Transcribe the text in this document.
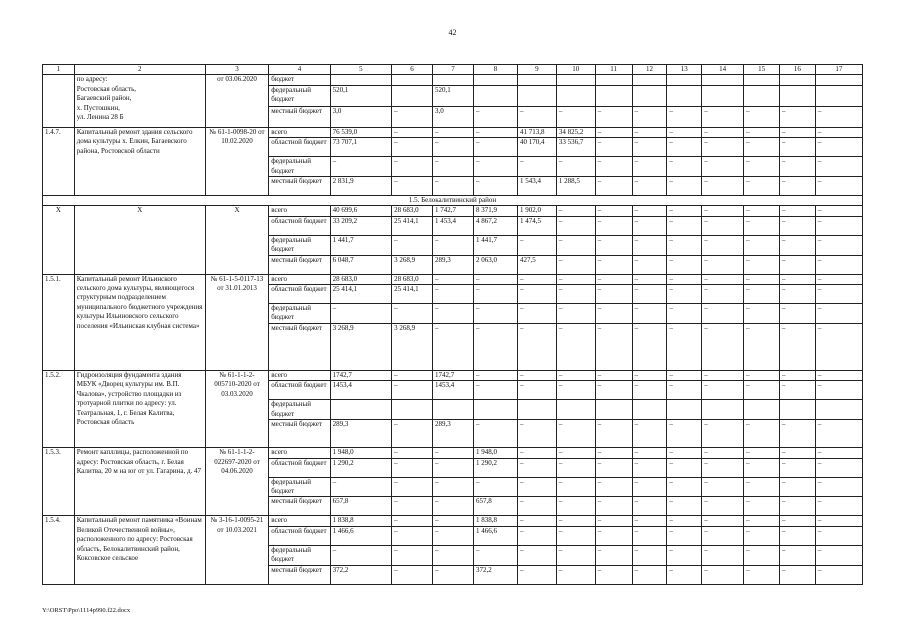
42
1	2	3	4	5	6	7	8	9	10	11	12	13	14	15	16	17
	по адресу:
Ростовская область,
Багаевский район,
х. Пустошкин,
ул. Ленина 28 Б	от 03.06.2020	бюджет													
			федеральный бюджет	520,1		520,1										
			местный бюджет	3,0	–	3,0	–	–	–	–	–	–	–	–	–	–
1.4.7.	Капитальный ремонт здания сельского дома культуры х. Елкин, Багаевского района, Ростовской области	№ 61-1-0098-20 от 10.02.2020	всего	76 539,0	–	–	–	41 713,8	34 825,2	–	–	–	–	–	–	–
			областной бюджет	73 707,1	–	–	–	40 170,4	33 536,7	–	–	–	–	–	–	–
			федеральный бюджет	–	–	–	–	–	–	–	–	–	–	–	–	–
			местный бюджет	2 831,9	–	–	–	1 543,4	1 288,5	–	–	–	–	–	–	–
1.5. Белокалитвинский район																
X	X	X	всего	40 699,6	28 683,0	1 742,7	8 371,9	1 902,0	–	–	–	–	–	–	–	–
			областной бюджет	33 209,2	25 414,1	1 453,4	4 867,2	1 474,5	–	–	–	–	–	–	–	–
			федеральный бюджет	1 441,7	–	–	1 441,7	–	–	–	–	–	–	–	–	–
			местный бюджет	6 048,7	3 268,9	289,3	2 063,0	427,5	–	–	–	–	–	–	–	–
1.5.1.	Капитальный ремонт Ильинского сельского дома культуры, являющегося структурным подразделением муниципального бюджетного учреждения культуры Ильиновского сельского поселения «Ильинская клубная система»	№ 61-1-5-0117-13 от 31.01.2013	всего	28 683,0	28 683,0	–	–	–	–	–	–	–	–	–	–	–
			областной бюджет	25 414,1	25 414,1	–	–	–	–	–	–	–	–	–	–	–
			федеральный бюджет	–	–	–	–	–	–	–	–	–	–	–	–	–
			местный бюджет	3 268,9	3 268,9	–	–	–	–	–	–	–	–	–	–	–
1.5.2.	Гидроизоляция фундамента здания МБУК «Дворец культуры им. В.П. Чкалова», устройство площадки из тротуарной плитки по адресу: ул. Театральная, 1, г. Белая Калитва, Ростовская область	№ 61-1-1-2-005710-2020 от 03.03.2020	всего	1742,7	–	1742,7	–	–	–	–	–	–	–	–	–	–
			областной бюджет	1453,4	–	1453,4	–	–	–	–	–	–	–	–	–	–
			федеральный бюджет													
			местный бюджет	289,3	–	289,3	–	–	–	–	–	–	–	–	–	–
1.5.3.	Ремонт капллицы, расположенной по адресу: Ростовская область, г. Белая Калитва, 20 м на юг от ул. Гагарина, д. 47	№ 61-1-1-2-022697-2020 от 04.06.2020	всего	1 948,0	–	–	1 948,0	–	–	–	–	–	–	–	–	–
			областной бюджет	1 290,2	–	–	1 290,2	–	–	–	–	–	–	–	–	–
			федеральный бюджет	–	–	–	–	–	–	–	–	–	–	–	–	–
			местный бюджет	657,8	–	–	657,8	–	–	–	–	–	–	–	–	–
1.5.4.	Капитальный ремонт памятника «Воинам Великой Отечественной войны», расположенного по адресу: Ростовская область, Белокалитвинский район, Коксовское сельское	№ 3-16-1-0095-21 от 10.03.2021	всего	1 838,8	–	–	1 838,8	–	–	–	–	–	–	–	–	–
			областной бюджет	1 466,6	–	–	1 466,6	–	–	–	–	–	–	–	–	–
			федеральный бюджет	–	–	–	–	–	–	–	–	–	–	–	–	–
			местный бюджет	372,2	–	–	372,2	–	–	–	–	–	–	–	–	–
Y:\ORST\Ppo\1114p990.f22.docx
